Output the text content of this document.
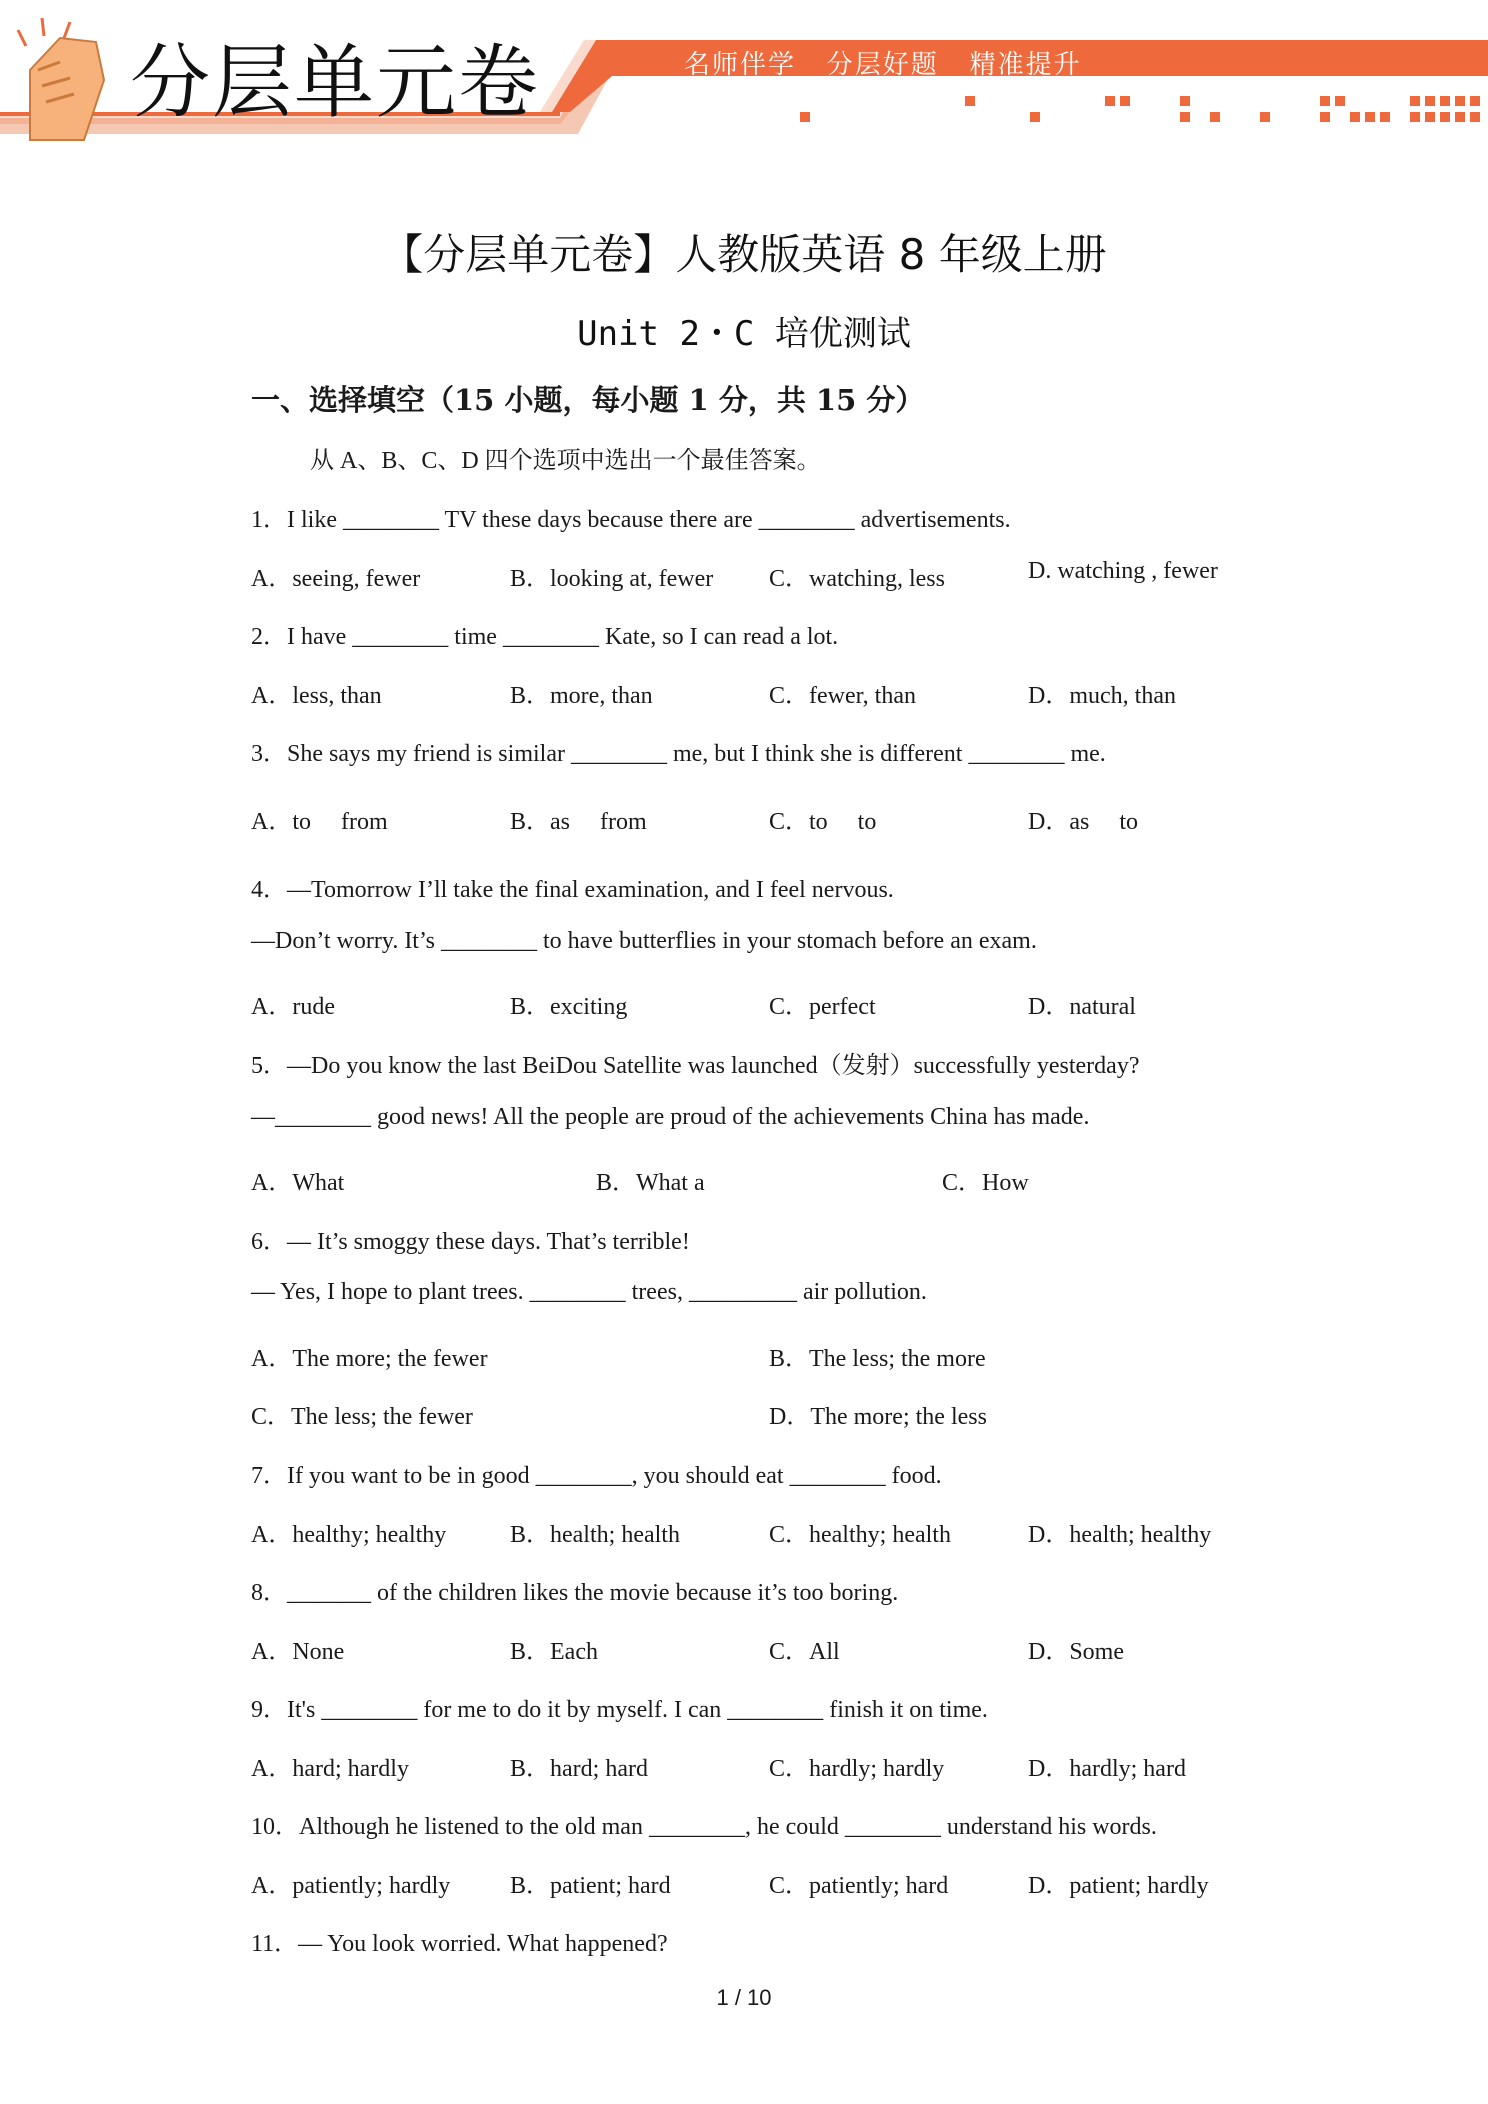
分层单元卷	名师伴学   分层好题   精准提升
【分层单元卷】人教版英语 8 年级上册
Unit 2・C 培优测试
一、选择填空（15 小题，每小题 1 分，共 15 分）
从 A、B、C、D 四个选项中选出一个最佳答案。
1．I like ________ TV these days because there are ________ advertisements.
A．seeing, fewer	B．looking at, fewer C．watching, less	D. watching , fewer
2．I have ________ time ________ Kate, so I can read a lot.
A．less, than	B．more, than	C．fewer, than	D．much, than
3．She says my friend is similar ________ me, but I think she is different ________ me.
A．to     from	B．as     from	C．to     to	D．as     to
4．—Tomorrow I’ll take the final examination, and I feel nervous.
—Don’t worry. It’s ________ to have butterflies in your stomach before an exam.
A．rude	B．exciting	C．perfect	D．natural
5．—Do you know the last BeiDou Satellite was launched（发射）successfully yesterday?
—________ good news! All the people are proud of the achievements China has made.
A．What	B．What a	C．How
6．— It’s smoggy these days. That’s terrible!
— Yes, I hope to plant trees. ________ trees, _________ air pollution.
A．The more; the fewer	B．The less; the more
C．The less; the fewer	D．The more; the less
7．If you want to be in good ________, you should eat ________ food.
A．healthy; healthy	B．health; health	C．healthy; health	D．health; healthy
8．_______ of the children likes the movie because it’s too boring.
A．None	B．Each	C．All	D．Some
9．It's ________ for me to do it by myself. I can ________ finish it on time.
A．hard; hardly	B．hard; hard	C．hardly; hardly	D．hardly; hard
10．Although he listened to the old man ________, he could ________ understand his words.
A．patiently; hardly B．patient; hard	C．patiently; hard	D．patient; hardly
11．— You look worried. What happened?
1 / 10
